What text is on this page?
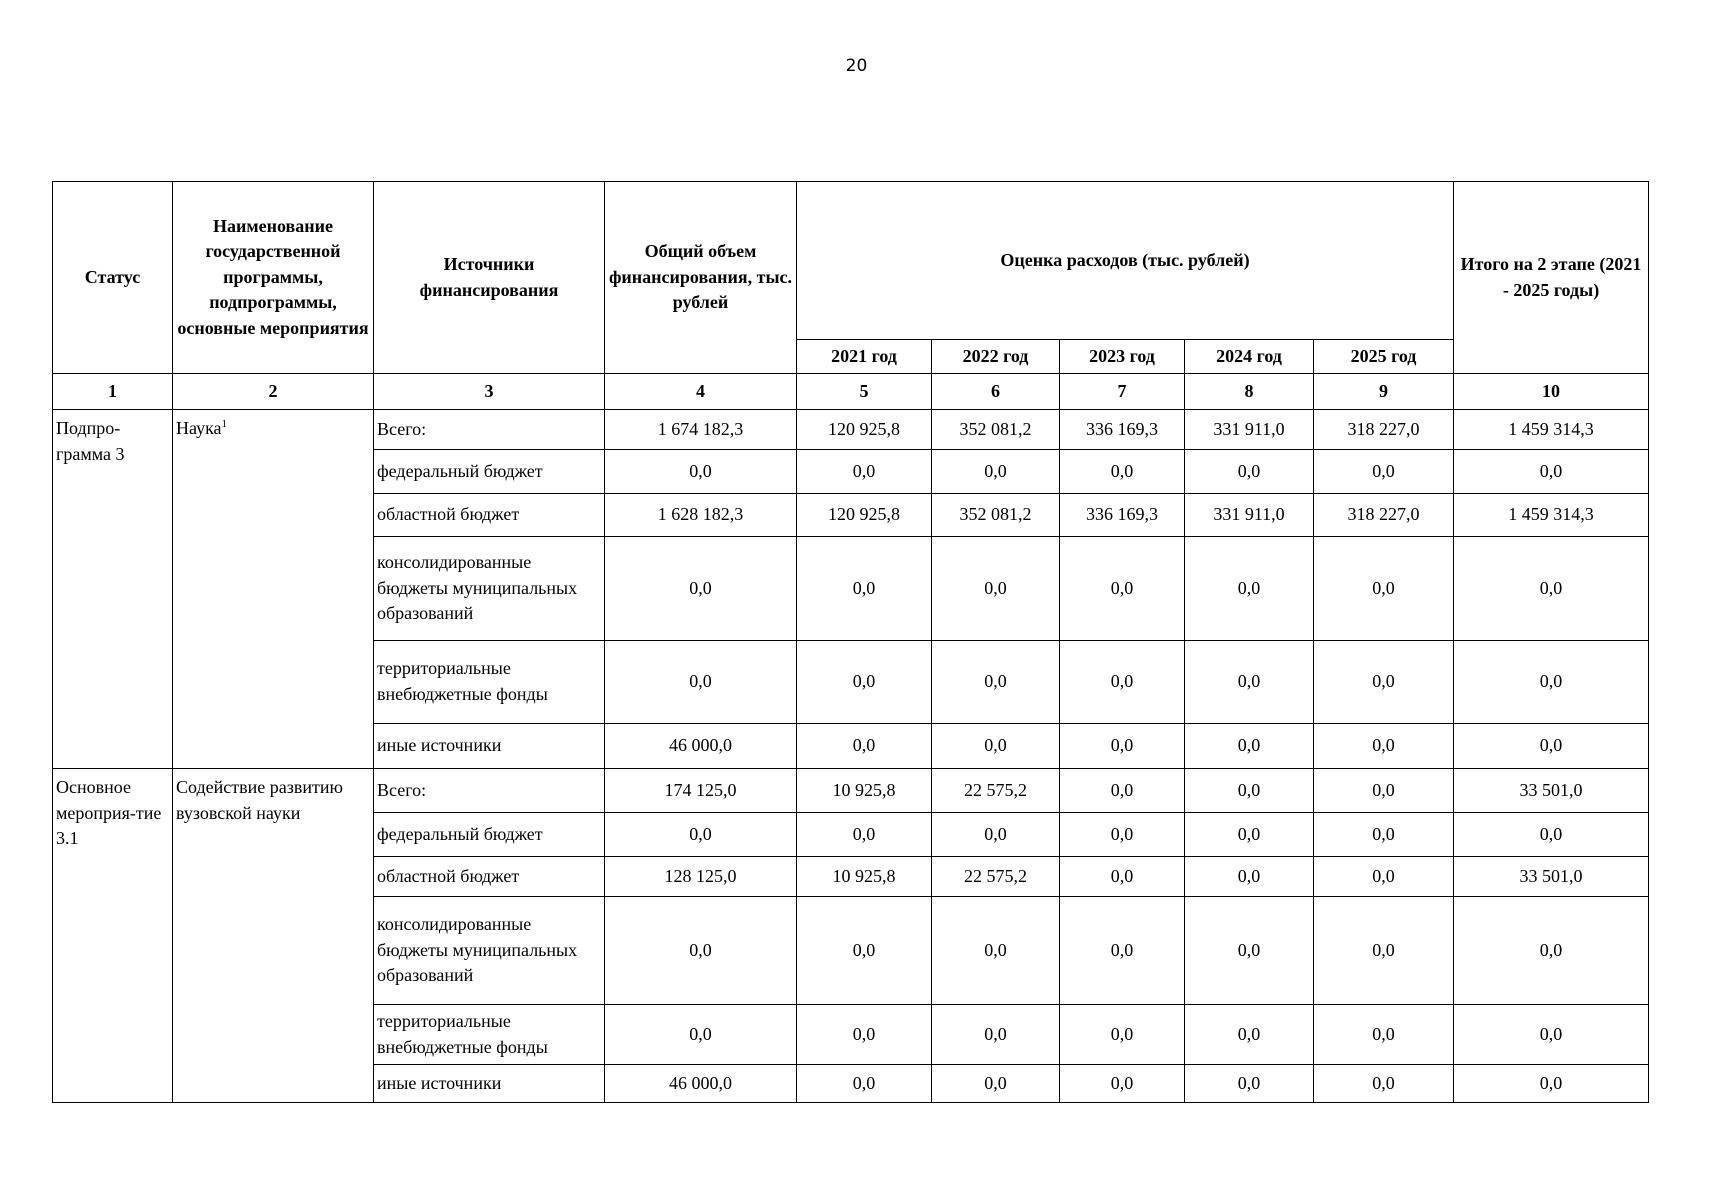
20
Статус	Наименование государственной программы, подпрограммы, основные мероприятия	Источники финансирования	Общий объем финансирования, тыс. рублей	Оценка расходов (тыс. рублей)					Итого на 2 этапе (2021 - 2025 годы)
				2021 год	2022 год	2023 год	2024 год	2025 год	
1	2	3	4	5	6	7	8	9	10
Подпро-грамма 3	Наука$^1$	Всего:	1 674 182,3	120 925,8	352 081,2	336 169,3	331 911,0	318 227,0	1 459 314,3
		федеральный бюджет	0,0	0,0	0,0	0,0	0,0	0,0	0,0
		областной бюджет	1 628 182,3	120 925,8	352 081,2	336 169,3	331 911,0	318 227,0	1 459 314,3
		консолидированные бюджеты муниципальных образований	0,0	0,0	0,0	0,0	0,0	0,0	0,0
		территориальные внебюджетные фонды	0,0	0,0	0,0	0,0	0,0	0,0	0,0
		иные источники	46 000,0	0,0	0,0	0,0	0,0	0,0	0,0
Основное мероприя-тие 3.1	Содействие развитию вузовской науки	Всего:	174 125,0	10 925,8	22 575,2	0,0	0,0	0,0	33 501,0
		федеральный бюджет	0,0	0,0	0,0	0,0	0,0	0,0	0,0
		областной бюджет	128 125,0	10 925,8	22 575,2	0,0	0,0	0,0	33 501,0
		консолидированные бюджеты муниципальных образований	0,0	0,0	0,0	0,0	0,0	0,0	0,0
		территориальные внебюджетные фонды	0,0	0,0	0,0	0,0	0,0	0,0	0,0
		иные источники	46 000,0	0,0	0,0	0,0	0,0	0,0	0,0
